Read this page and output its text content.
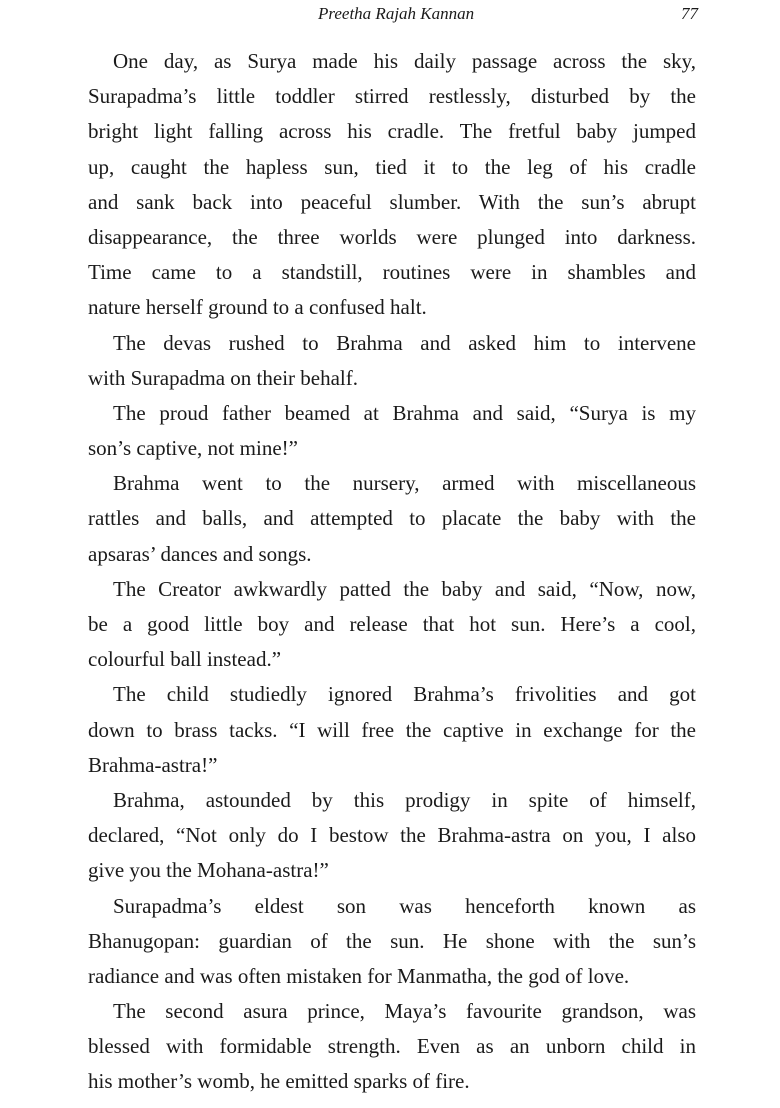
Preetha Rajah Kannan	77
One day, as Surya made his daily passage across the sky,
Surapadma’s little toddler stirred restlessly, disturbed by the
bright light falling across his cradle. The fretful baby jumped
up, caught the hapless sun, tied it to the leg of his cradle
and sank back into peaceful slumber. With the sun’s abrupt
disappearance, the three worlds were plunged into darkness.
Time came to a standstill, routines were in shambles and
nature herself ground to a confused halt.
The devas rushed to Brahma and asked him to intervene
with Surapadma on their behalf.
The proud father beamed at Brahma and said, “Surya is my
son’s captive, not mine!”
Brahma went to the nursery, armed with miscellaneous
rattles and balls, and attempted to placate the baby with the
apsaras’ dances and songs.
The Creator awkwardly patted the baby and said, “Now, now,
be a good little boy and release that hot sun. Here’s a cool,
colourful ball instead.”
The child studiedly ignored Brahma’s frivolities and got
down to brass tacks. “I will free the captive in exchange for the
Brahma-astra!”
Brahma, astounded by this prodigy in spite of himself,
declared, “Not only do I bestow the Brahma-astra on you, I also
give you the Mohana-astra!”
Surapadma’s eldest son was henceforth known as
Bhanugopan: guardian of the sun. He shone with the sun’s
radiance and was often mistaken for Manmatha, the god of love.
The second asura prince, Maya’s favourite grandson, was
blessed with formidable strength. Even as an unborn child in
his mother’s womb, he emitted sparks of fire.
